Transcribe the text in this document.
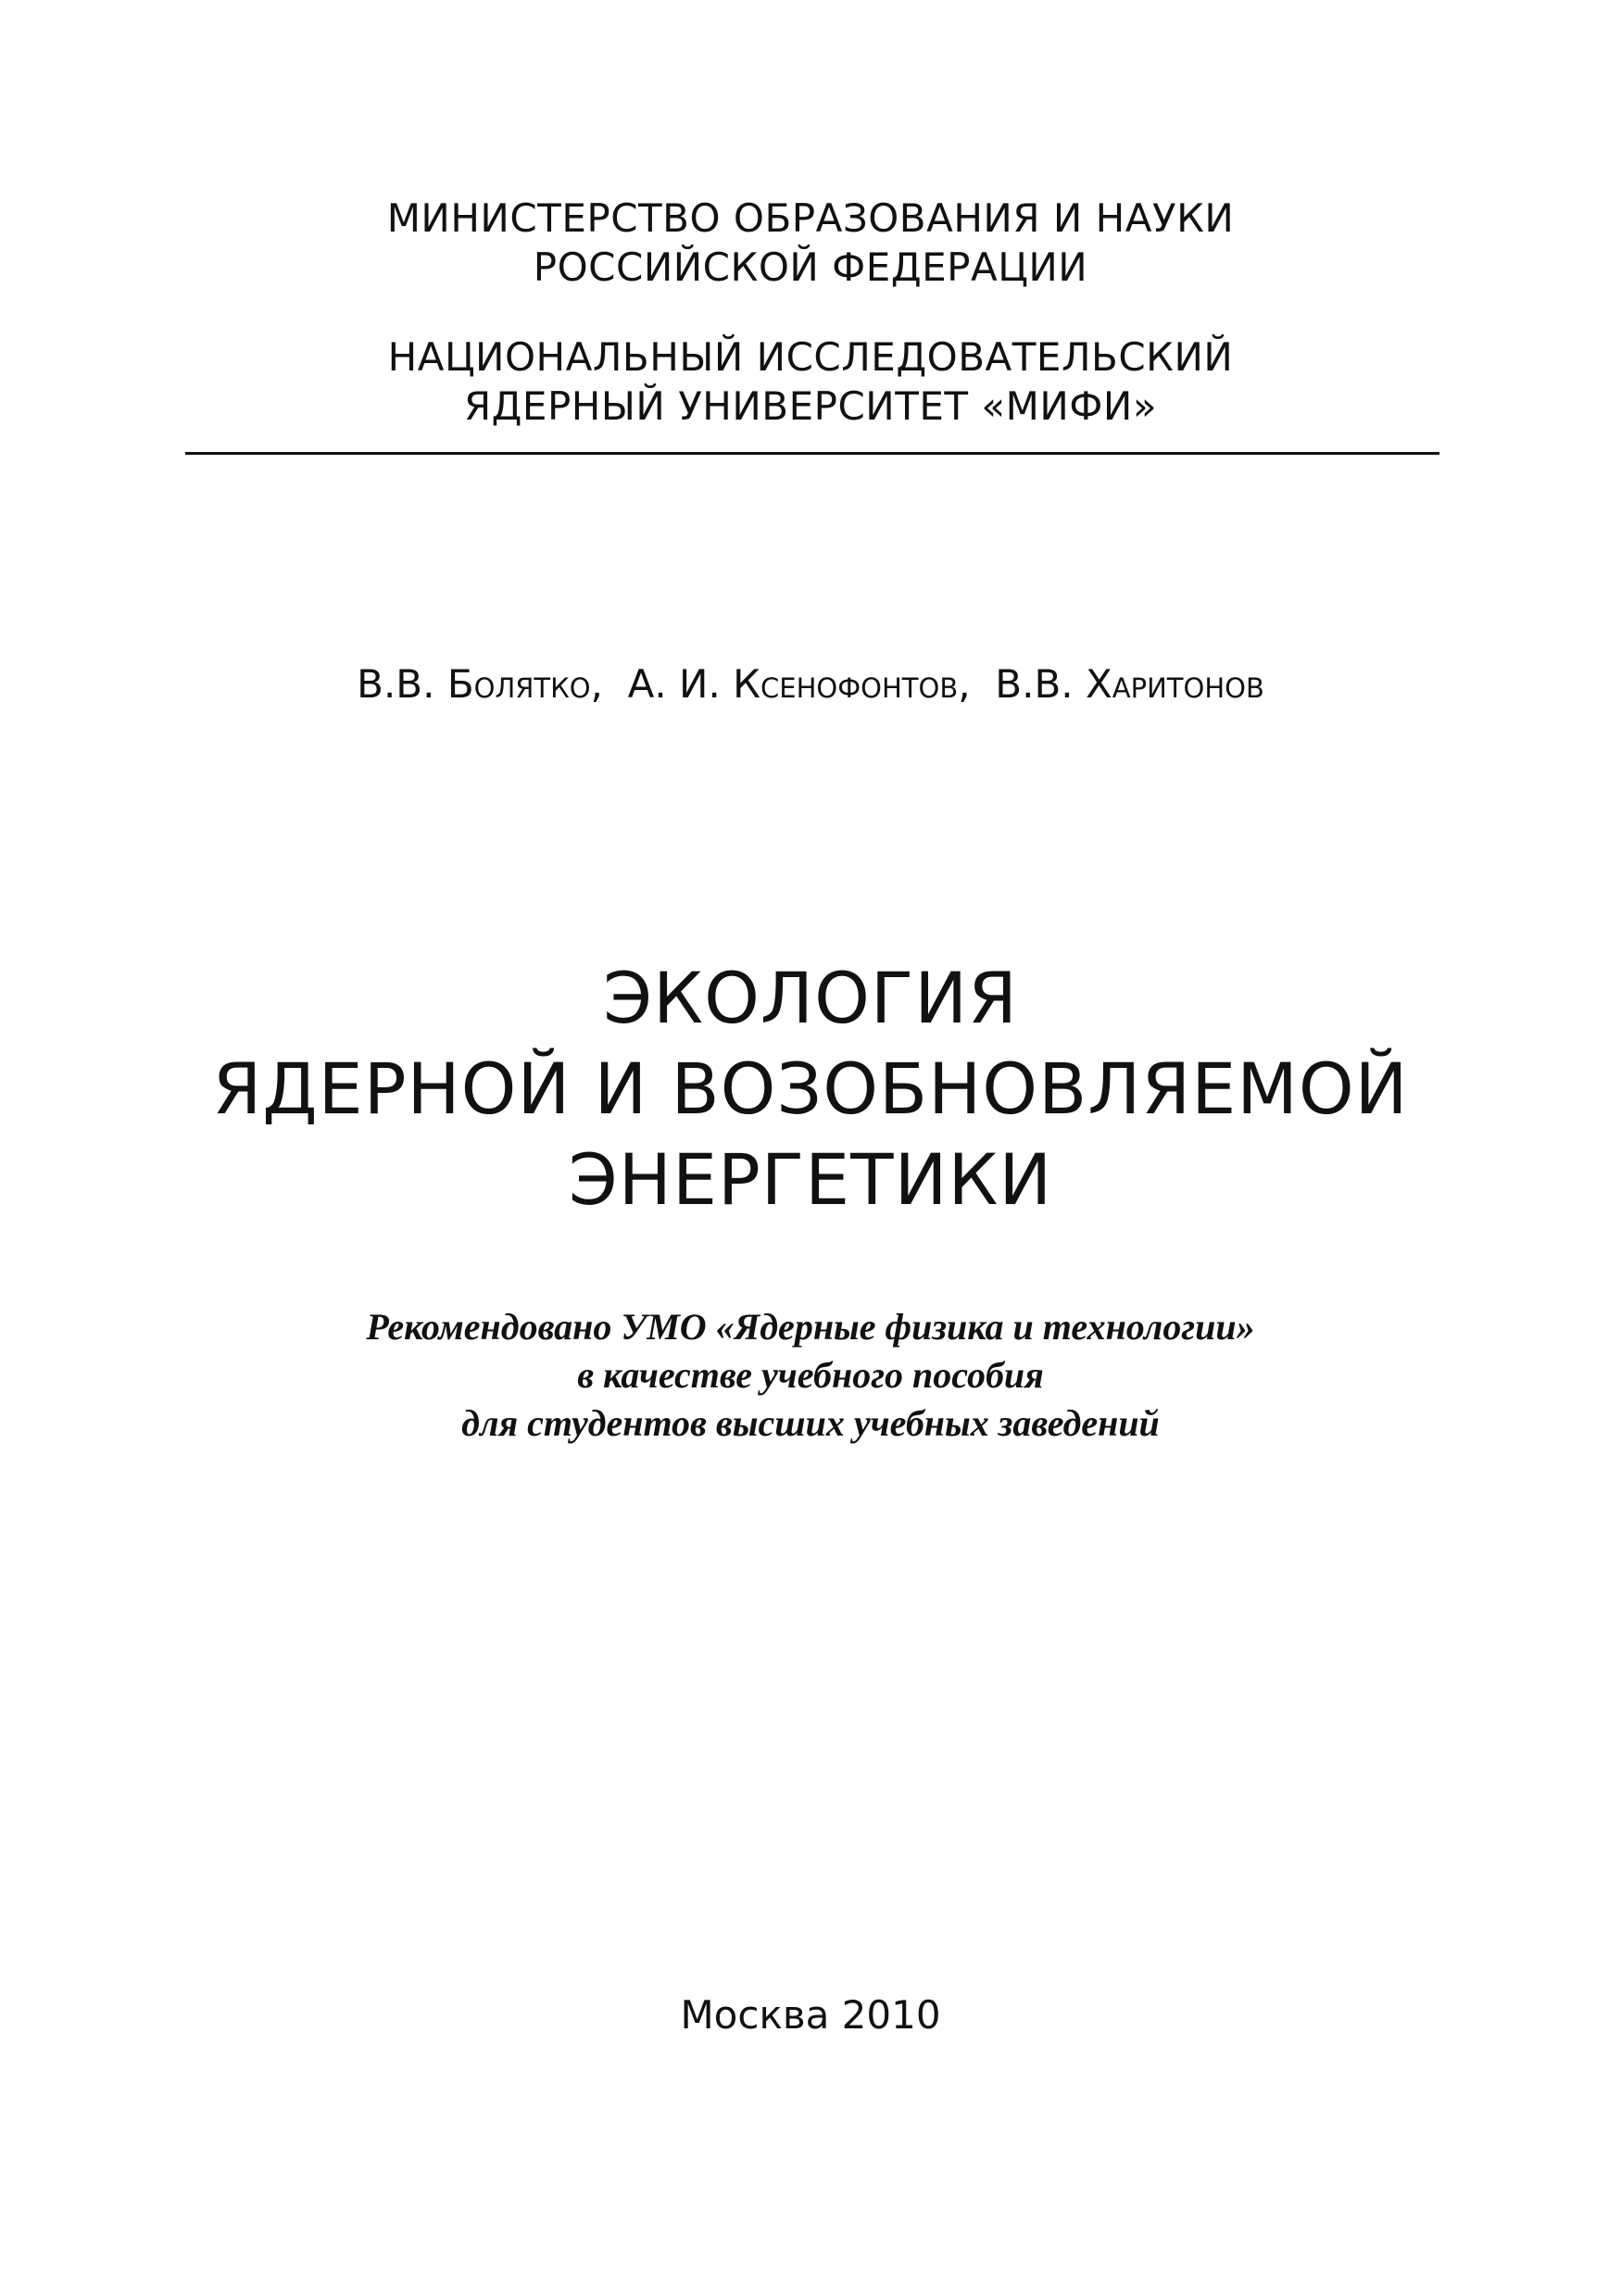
МИНИСТЕРСТВО ОБРАЗОВАНИЯ И НАУКИ
РОССИЙСКОЙ ФЕДЕРАЦИИ
НАЦИОНАЛЬНЫЙ ИССЛЕДОВАТЕЛЬСКИЙ
ЯДЕРНЫЙ УНИВЕРСИТЕТ «МИФИ»
В.В. Болятко,  А. И. Ксенофонтов,  В.В. Харитонов
ЭКОЛОГИЯ
ЯДЕРНОЙ И ВОЗОБНОВЛЯЕМОЙ
ЭНЕРГЕТИКИ
Рекомендовано УМО «Ядерные физика и технологии»
в качестве учебного пособия
для студентов высших учебных заведений
Москва 2010
